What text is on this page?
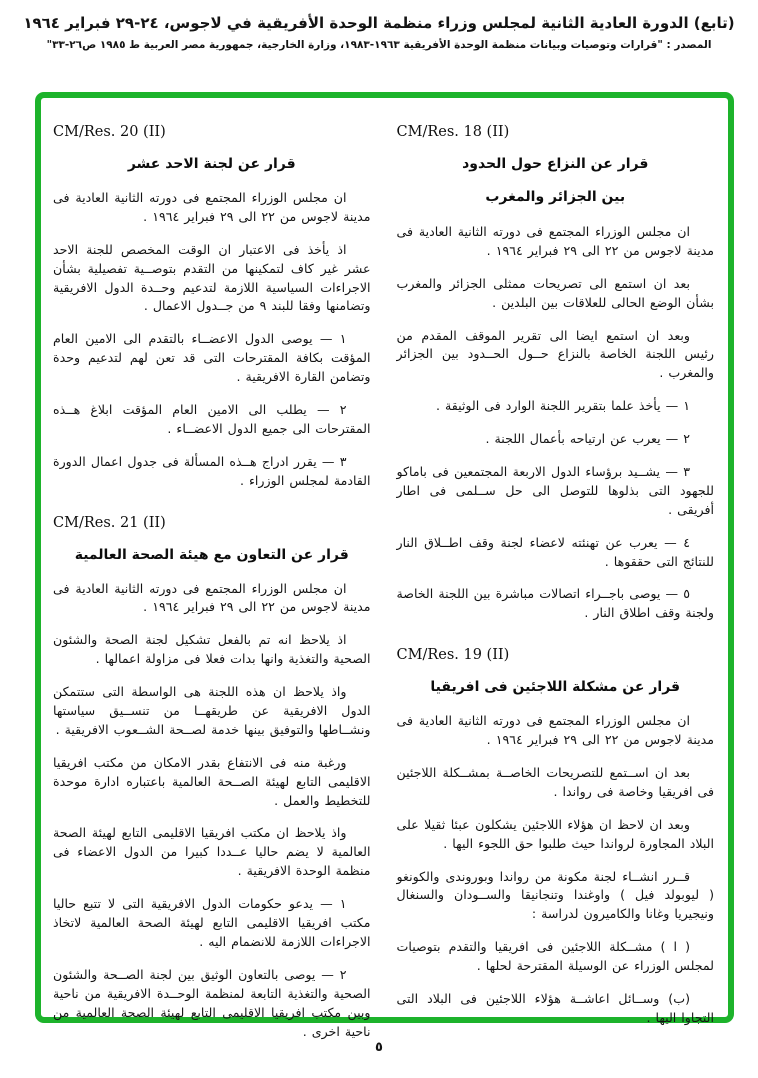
(تابع) الدورة العادية الثانية لمجلس وزراء منظمة الوحدة الأفريقية في لاجوس، ٢٤-٢٩ فبراير ١٩٦٤
المصدر : "قرارات وتوصيات وبيانات منظمة الوحدة الأفريقية ١٩٦٣-١٩٨٣، وزارة الخارجية، جمهورية مصر العربية ط ١٩٨٥ ص٢٦-٣٣"
CM/Res. 18 (II)
قرار عن النزاع حول الحدود
بين الجزائر والمغرب

ان مجلس الوزراء المجتمع فى دورته الثانية العادية فى مدينة لاجوس من ٢٢ الى ٢٩ فبراير ١٩٦٤ .

بعد ان استمع الى تصريحات ممثلى الجزائر والمغرب بشأن الوضع الحالى للعلاقات بين البلدين .

وبعد ان استمع ايضا الى تقرير الموقف المقدم من رئيس اللجنة الخاصة بالنزاع حــول الحــدود بين الجزائر والمغرب .

١ — يأخذ علما بتقرير اللجنة الوارد فى الوثيقة .

٢ — يعرب عن ارتياحه بأعمال اللجنة .

٣ — يشــيد برؤساء الدول الاربعة المجتمعين فى باماكو للجهود التى بذلوها للتوصل الى حل ســلمى فى اطار أفريقى .

٤ — يعرب عن تهنئته لاعضاء لجنة وقف اطــلاق النار للنتائج التى حققوها .

٥ — يوصى باجــراء اتصالات مباشرة بين اللجنة الخاصة ولجنة وقف اطلاق النار .

CM/Res. 19 (II)
قرار عن مشكلة اللاجئين فى افريقيا

ان مجلس الوزراء المجتمع فى دورته الثانية العادية فى مدينة لاجوس من ٢٢ الى ٢٩ فبراير ١٩٦٤ .

بعد ان اســتمع للتصريحات الخاصــة بمشــكلة اللاجئين فى افريقيا وخاصة فى رواندا .

وبعد ان لاحظ ان هؤلاء اللاجئين يشكلون عبئا ثقيلا على البلاد المجاورة لرواندا حيث طلبوا حق اللجوء اليها .

قــرر انشــاء لجنة مكونة من رواندا وبوروندى والكونغو ( ليوبولد فيل ) واوغندا وتنجانيقا والســودان والسنغال ونيجيريا وغانا والكاميرون لدراسة :

( ا ) مشــكلة اللاجئين فى افريقيا والتقدم بتوصيات لمجلس الوزراء عن الوسيلة المقترحة لحلها .

(ب) وســائل اعاشــة هؤلاء اللاجئين فى البلاد التى التجاوا اليها .

CM/Res. 20 (II)
قرار عن لجنة الاحد عشر

ان مجلس الوزراء المجتمع فى دورته الثانية العادية فى مدينة لاجوس من ٢٢ الى ٢٩ فبراير ١٩٦٤ .

اذ يأخذ فى الاعتبار ان الوقت المخصص للجنة الاحد عشر غير كاف لتمكينها من التقدم بتوصــية تفصيلية بشأن الاجراءات السياسية اللازمة لتدعيم وحــدة الدول الافريقية وتضامنها وفقا للبند ٩ من جــدول الاعمال .

١ — يوصى الدول الاعضــاء بالتقدم الى الامين العام المؤقت بكافة المقترحات التى قد تعن لهم لتدعيم وحدة وتضامن القارة الافريقية .

٢ — يطلب الى الامين العام المؤقت ابلاغ هــذه المقترحات الى جميع الدول الاعضــاء .

٣ — يقرر ادراج هــذه المسألة فى جدول اعمال الدورة القادمة لمجلس الوزراء .

CM/Res. 21 (II)
قرار عن التعاون مع هيئة الصحة العالمية

ان مجلس الوزراء المجتمع فى دورته الثانية العادية فى مدينة لاجوس من ٢٢ الى ٢٩ فبراير ١٩٦٤ .

اذ يلاحظ انه تم بالفعل تشكيل لجنة الصحة والشئون الصحية والتغذية وانها بدات فعلا فى مزاولة اعمالها .

واذ يلاحظ ان هذه اللجنة هى الواسطة التى ستتمكن الدول الافريقية عن طريقهــا من تنســيق سياستها ونشــاطها والتوفيق بينها خدمة لصــحة الشــعوب الافريقية .

ورغبة منه فى الانتفاع بقدر الامكان من مكتب افريقيا الاقليمى التابع لهيئة الصــحة العالمية باعتباره ادارة موحدة للتخطيط والعمل .

واذ يلاحظ ان مكتب افريقيا الاقليمى التابع لهيئة الصحة العالمية لا يضم حاليا عــددا كبيرا من الدول الاعضاء فى منظمة الوحدة الافريقية .

١ — يدعو حكومات الدول الافريقية التى لا تتبع حاليا مكتب افريقيا الاقليمى التابع لهيئة الصحة العالمية لاتخاذ الاجراءات اللازمة للانضمام اليه .

٢ — يوصى بالتعاون الوثيق بين لجنة الصــحة والشئون الصحية والتغذية التابعة لمنظمة الوحــدة الافريقية من ناحية وبين مكتب افريقيا الاقليمى التابع لهيئة الصحة العالمية من ناحية اخرى .

٥
